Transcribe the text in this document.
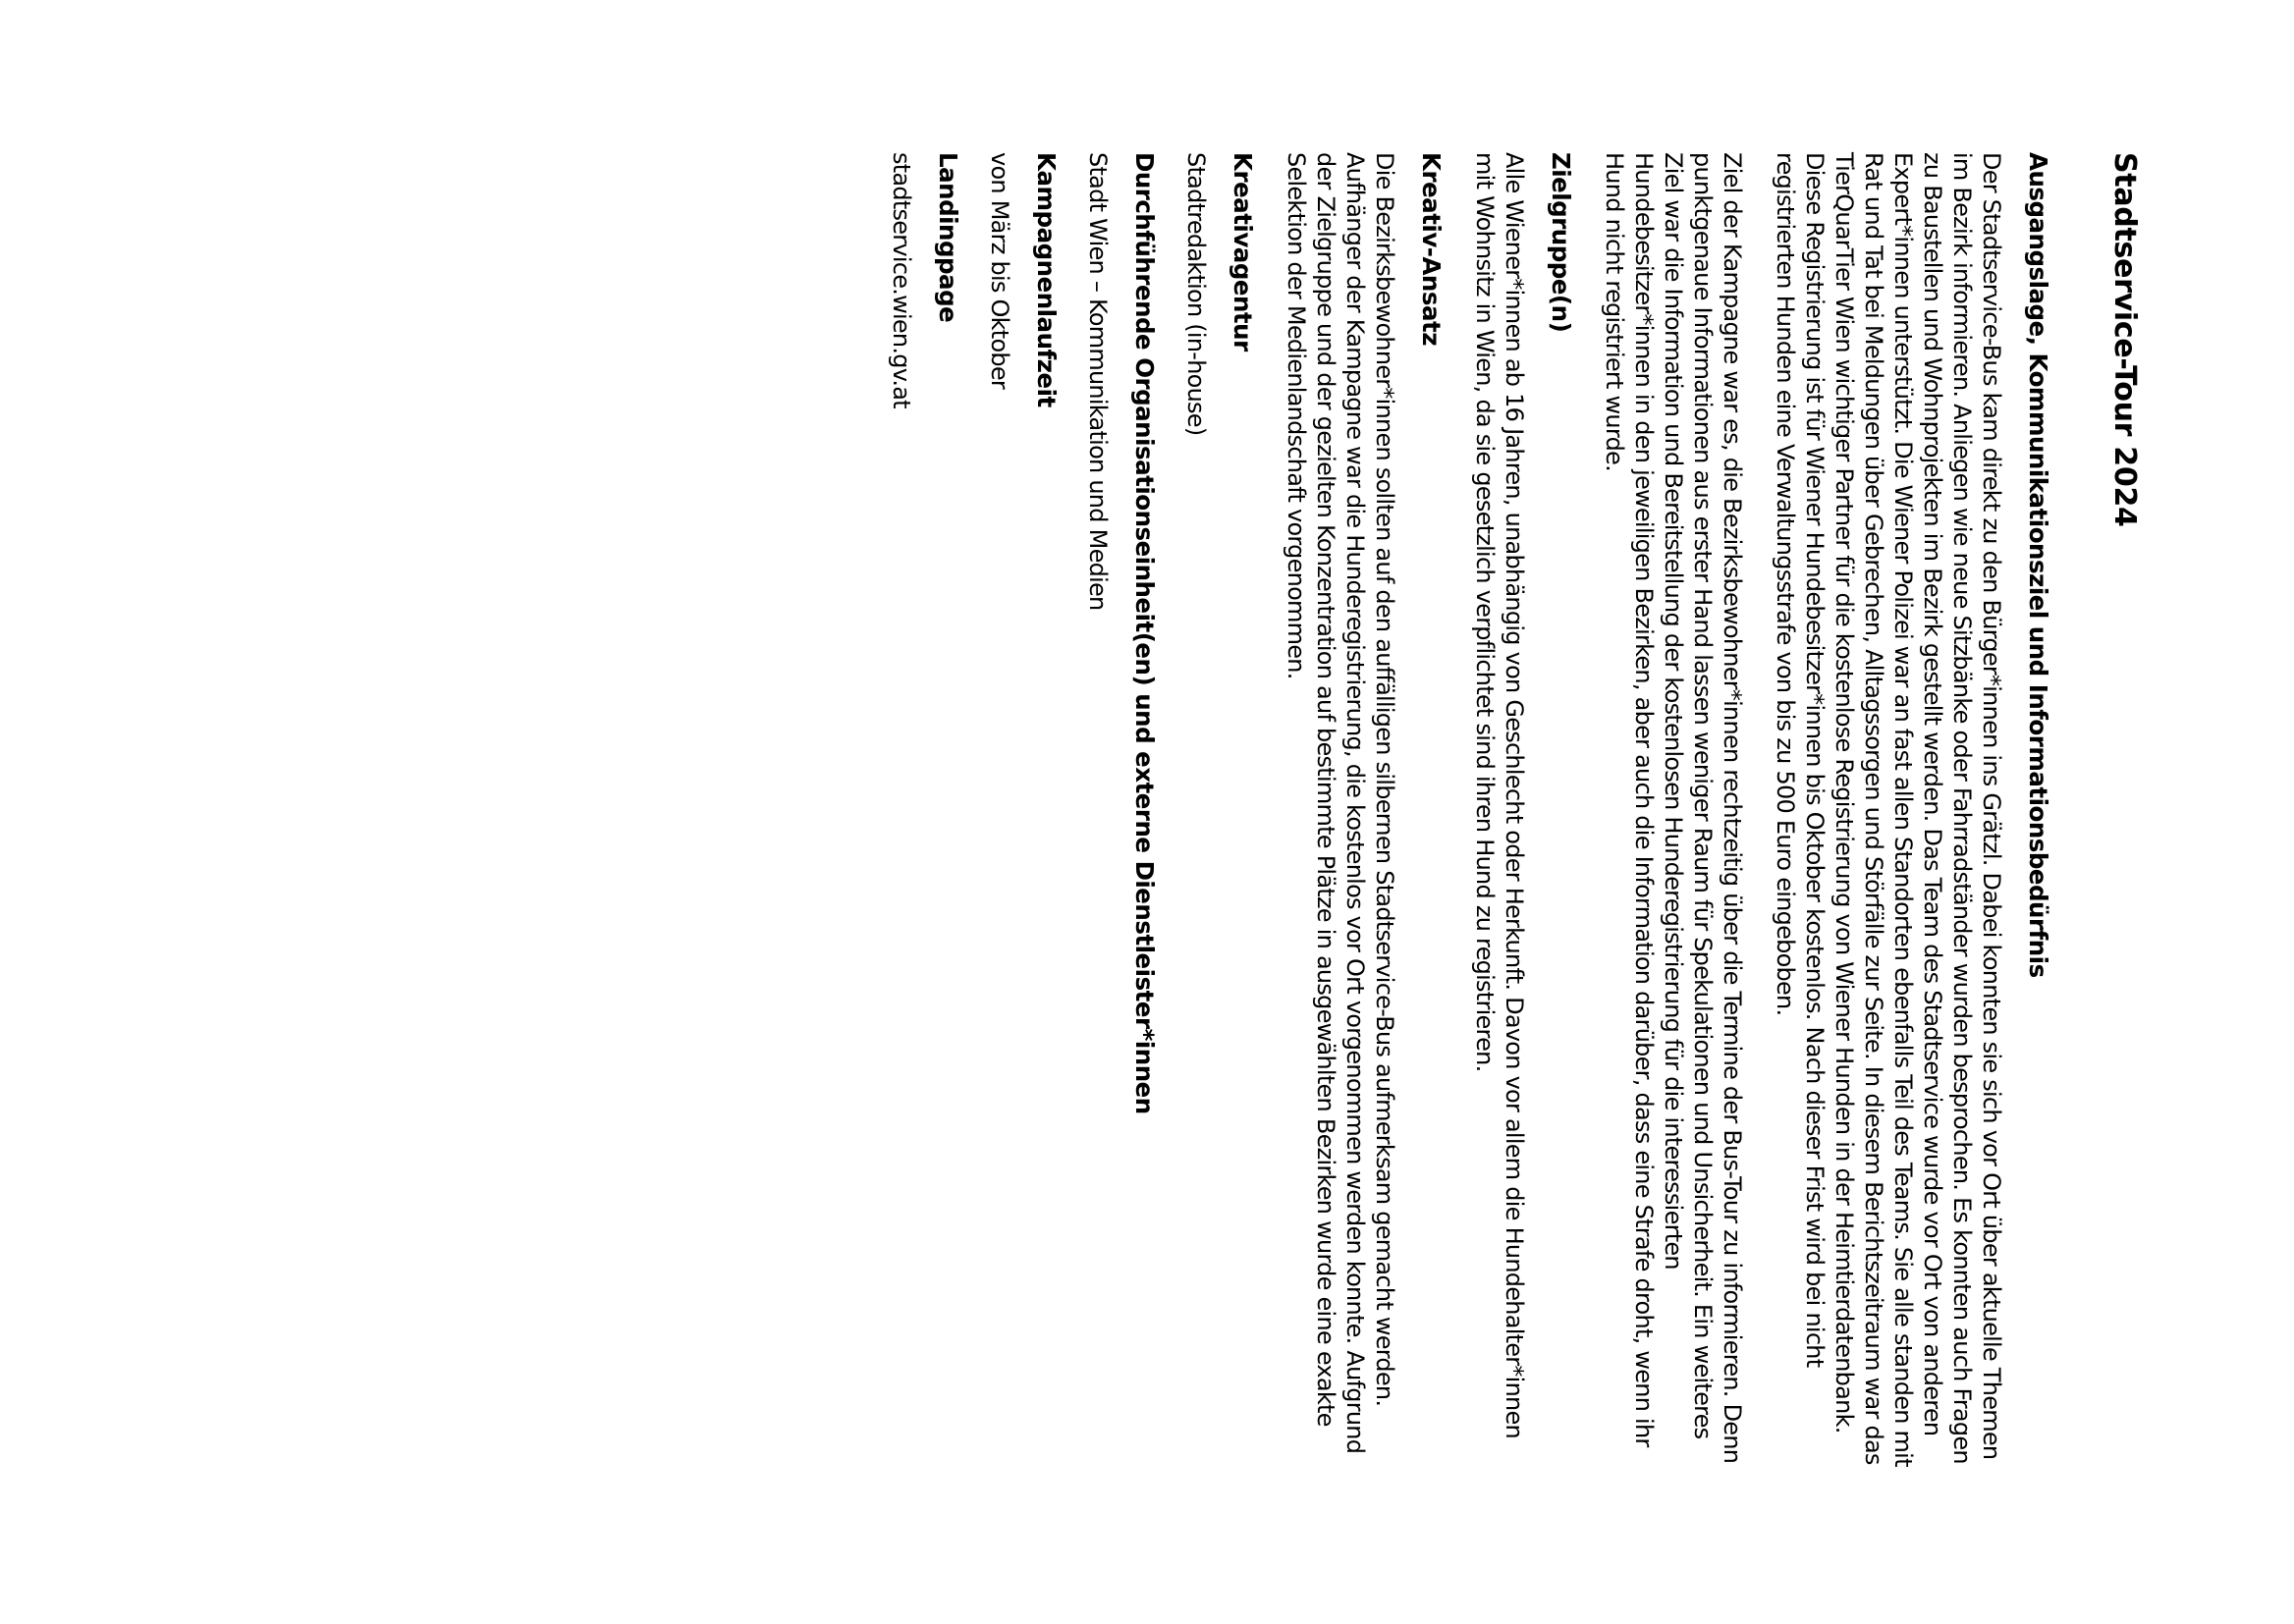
Stadtservice-Tour 2024
Ausgangslage, Kommunikationsziel und Informationsbedürfnis

Der Stadtservice-Bus kam direkt zu den Bürger*innen ins Grätzl. Dabei konnten sie sich vor Ort über aktuelle Themen im Bezirk informieren. Anliegen wie neue Sitzbänke oder Fahrradständer wurden besprochen. Es konnten auch Fragen zu Baustellen und Wohnprojekten im Bezirk gestellt werden. Das Team des Stadtservice wurde vor Ort von anderen Expert*innen unterstützt. Die Wiener Polizei war an fast allen Standorten ebenfalls Teil des Teams. Sie alle standen mit Rat und Tat bei Meldungen über Gebrechen, Alltagssorgen und Störfälle zur Seite. In diesem Berichtszeitraum war das TierQuarTier Wien wichtiger Partner für die kostenlose Registrierung von Wiener Hunden in der Heimtierdatenbank. Diese Registrierung ist für Wiener Hundebesitzer*innen bis Oktober kostenlos. Nach dieser Frist wird bei nicht registrierten Hunden eine Verwaltungsstrafe von bis zu 500 Euro eingeboben.

Ziel der Kampagne war es, die Bezirksbewohner*innen rechtzeitig über die Termine der Bus-Tour zu informieren. Denn punktgenaue Informationen aus erster Hand lassen weniger Raum für Spekulationen und Unsicherheit. Ein weiteres Ziel war die Information und Bereitstellung der kostenlosen Hunderegistrierung für die interessierten Hundebesitzer*innen in den jeweiligen Bezirken, aber auch die Information darüber, dass eine Strafe droht, wenn ihr Hund nicht registriert wurde.

Zielgruppe(n)

Alle Wiener*innen ab 16 Jahren, unabhängig von Geschlecht oder Herkunft. Davon vor allem die Hundehalter*innen mit Wohnsitz in Wien, da sie gesetzlich verpflichtet sind ihren Hund zu registrieren.

Kreativ-Ansatz

Die Bezirksbewohner*innen sollten auf den auffälligen silbernen Stadtservice-Bus aufmerksam gemacht werden. Aufhänger der Kampagne war die Hunderegistrierung, die kostenlos vor Ort vorgenommen werden konnte. Aufgrund der Zielgruppe und der gezielten Konzentration auf bestimmte Plätze in ausgewählten Bezirken wurde eine exakte Selektion der Medienlandschaft vorgenommen.

Kreativagentur

Stadtredaktion (in-house)

Durchführende Organisationseinheit(en) und externe Dienstleister*innen

Stadt Wien – Kommunikation und Medien

Kampagnenlaufzeit

von März bis Oktober

Landingpage

stadtservice.wien.gv.at
